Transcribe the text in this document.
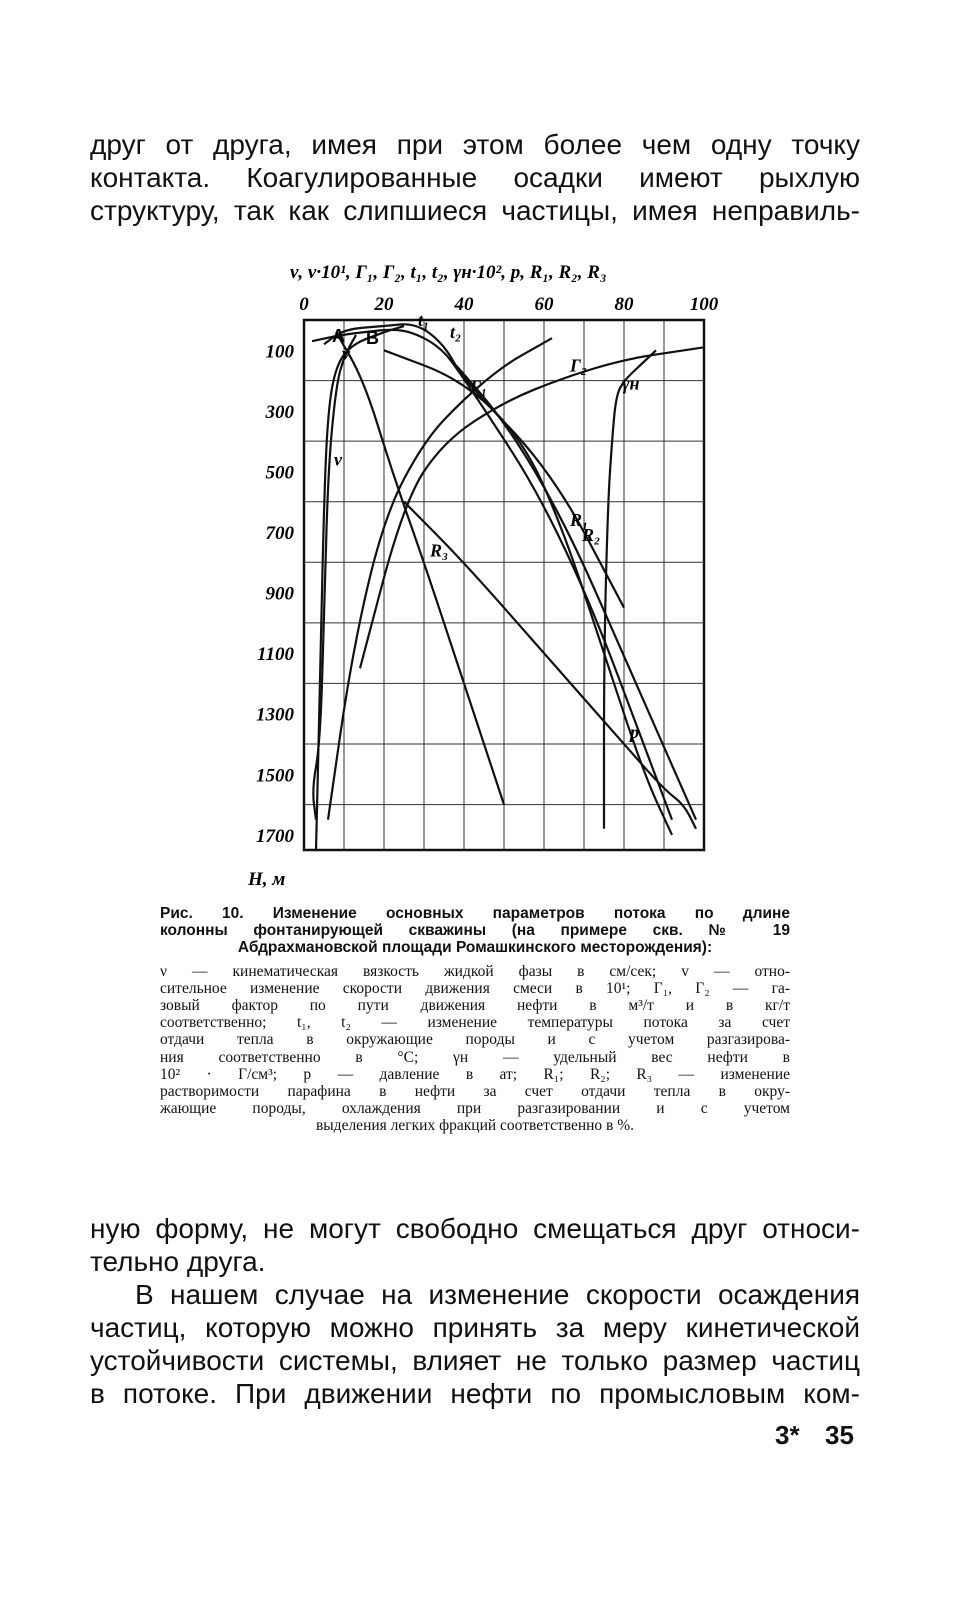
друг от друга, имея при этом более чем одну точку
контакта. Коагулированные осадки имеют рыхлую
структуру, так как слипшиеся частицы, имея неправиль-
ν, v·10¹, Г₁, Г₂, t₁, t₂, γн·10², p, R₁, R₂, R₃
0	20	40	60	80	100
100
300
500
700
900
1100
1300
1500
1700
Н, м
ν
v
Г₁
Г₂
t₁
t₂
γн
p
R₁
R₂
R₃
A B
Рис. 10. Изменение основных параметров потока по длине
колонны фонтанирующей скважины (на примере скв. № 19
Абдрахмановской площади Ромашкинского месторождения):
ν — кинематическая вязкость жидкой фазы в см/сек; v — отно-
сительное изменение скорости движения смеси в 10¹; Г₁, Г₂ — га-
зовый фактор по пути движения нефти в м³/т и в кг/т
соответственно; t₁, t₂ — изменение температуры потока за счет
отдачи тепла в окружающие породы и с учетом разгазирова-
ния соответственно в °С; γн — удельный вес нефти в
10² · Г/см³; p — давление в ат; R₁; R₂; R₃ — изменение
растворимости парафина в нефти за счет отдачи тепла в окру-
жающие породы, охлаждения при разгазировании и с учетом
выделения легких фракций соответственно в %.
ную форму, не могут свободно смещаться друг относи-
тельно друга.
В нашем случае на изменение скорости осаждения
частиц, которую можно принять за меру кинетической
устойчивости системы, влияет не только размер частиц
в потоке. При движении нефти по промысловым ком-
3* 35
